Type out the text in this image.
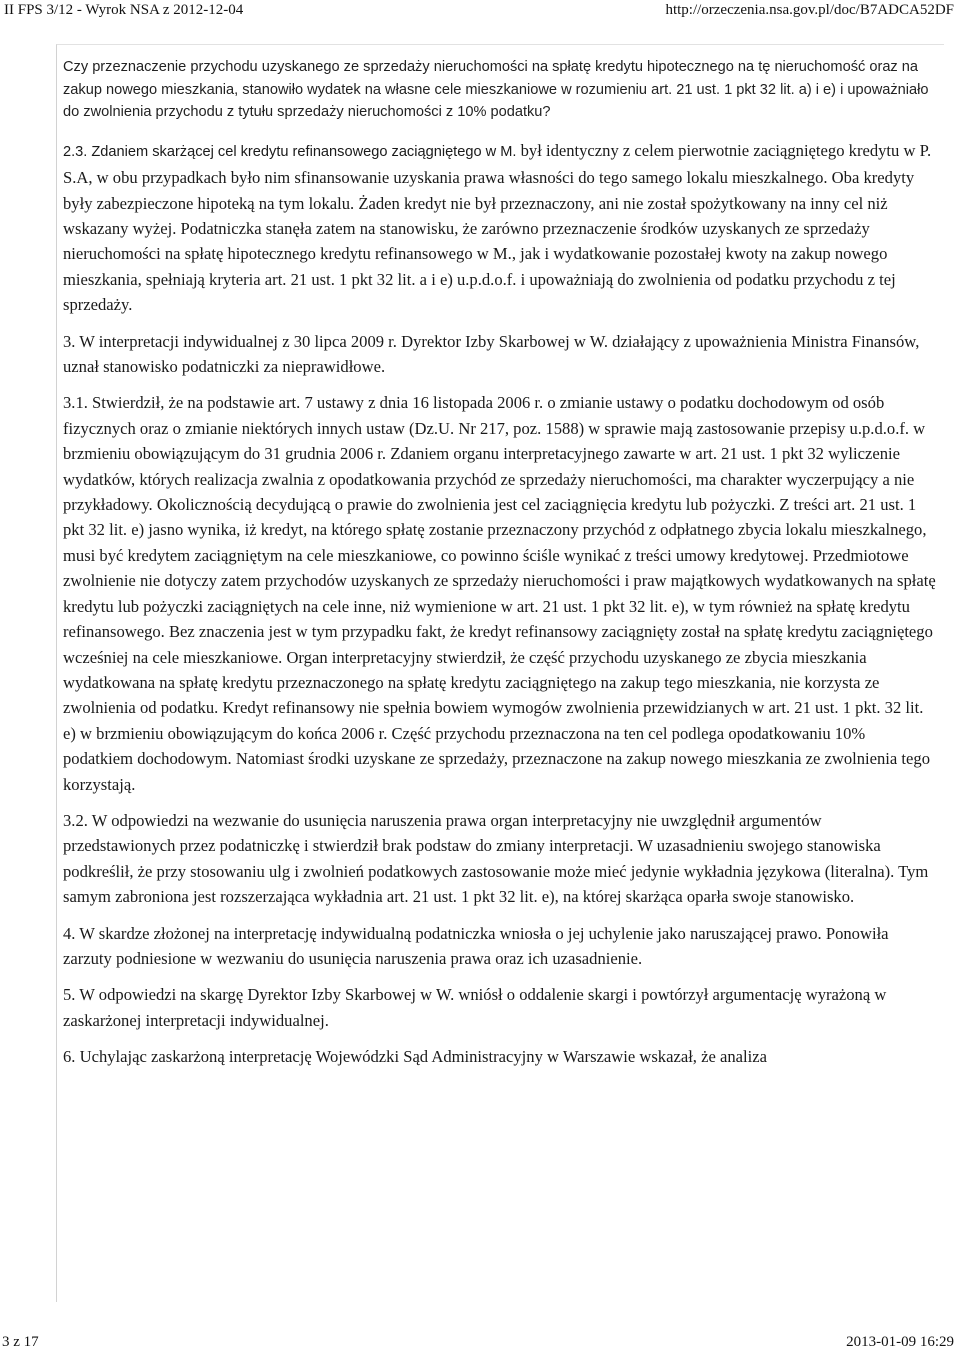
II FPS 3/12 - Wyrok NSA z 2012-12-04	http://orzeczenia.nsa.gov.pl/doc/B7ADCA52DF

Czy przeznaczenie przychodu uzyskanego ze sprzedaży nieruchomości na spłatę kredytu hipotecznego na tę nieruchomość oraz na zakup nowego mieszkania, stanowiło wydatek na własne cele mieszkaniowe w rozumieniu art. 21 ust. 1 pkt 32 lit. a) i e) i upoważniało do zwolnienia przychodu z tytułu sprzedaży nieruchomości z 10% podatku?

2.3. Zdaniem skarżącej cel kredytu refinansowego zaciągniętego w M. był identyczny z celem pierwotnie zaciągniętego kredytu w P. S.A, w obu przypadkach było nim sfinansowanie uzyskania prawa własności do tego samego lokalu mieszkalnego. Oba kredyty były zabezpieczone hipoteką na tym lokalu. Żaden kredyt nie był przeznaczony, ani nie został spożytkowany na inny cel niż wskazany wyżej. Podatniczka stanęła zatem na stanowisku, że zarówno przeznaczenie środków uzyskanych ze sprzedaży nieruchomości na spłatę hipotecznego kredytu refinansowego w M., jak i wydatkowanie pozostałej kwoty na zakup nowego mieszkania, spełniają kryteria art. 21 ust. 1 pkt 32 lit. a i e) u.p.d.o.f. i upoważniają do zwolnienia od podatku przychodu z tej sprzedaży.

3. W interpretacji indywidualnej z 30 lipca 2009 r. Dyrektor Izby Skarbowej w W. działający z upoważnienia Ministra Finansów, uznał stanowisko podatniczki za nieprawidłowe.

3.1. Stwierdził, że na podstawie art. 7 ustawy z dnia 16 listopada 2006 r. o zmianie ustawy o podatku dochodowym od osób fizycznych oraz o zmianie niektórych innych ustaw (Dz.U. Nr 217, poz. 1588) w sprawie mają zastosowanie przepisy u.p.d.o.f. w brzmieniu obowiązującym do 31 grudnia 2006 r. Zdaniem organu interpretacyjnego zawarte w art. 21 ust. 1 pkt 32 wyliczenie wydatków, których realizacja zwalnia z opodatkowania przychód ze sprzedaży nieruchomości, ma charakter wyczerpujący a nie przykładowy. Okolicznością decydującą o prawie do zwolnienia jest cel zaciągnięcia kredytu lub pożyczki. Z treści art. 21 ust. 1 pkt 32 lit. e) jasno wynika, iż kredyt, na którego spłatę zostanie przeznaczony przychód z odpłatnego zbycia lokalu mieszkalnego, musi być kredytem zaciągniętym na cele mieszkaniowe, co powinno ściśle wynikać z treści umowy kredytowej. Przedmiotowe zwolnienie nie dotyczy zatem przychodów uzyskanych ze sprzedaży nieruchomości i praw majątkowych wydatkowanych na spłatę kredytu lub pożyczki zaciągniętych na cele inne, niż wymienione w art. 21 ust. 1 pkt 32 lit. e), w tym również na spłatę kredytu refinansowego. Bez znaczenia jest w tym przypadku fakt, że kredyt refinansowy zaciągnięty został na spłatę kredytu zaciągniętego wcześniej na cele mieszkaniowe. Organ interpretacyjny stwierdził, że część przychodu uzyskanego ze zbycia mieszkania wydatkowana na spłatę kredytu przeznaczonego na spłatę kredytu zaciągniętego na zakup tego mieszkania, nie korzysta ze zwolnienia od podatku. Kredyt refinansowy nie spełnia bowiem wymogów zwolnienia przewidzianych w art. 21 ust. 1 pkt. 32 lit. e) w brzmieniu obowiązującym do końca 2006 r. Część przychodu przeznaczona na ten cel podlega opodatkowaniu 10% podatkiem dochodowym. Natomiast środki uzyskane ze sprzedaży, przeznaczone na zakup nowego mieszkania ze zwolnienia tego korzystają.

3.2. W odpowiedzi na wezwanie do usunięcia naruszenia prawa organ interpretacyjny nie uwzględnił argumentów przedstawionych przez podatniczkę i stwierdził brak podstaw do zmiany interpretacji. W uzasadnieniu swojego stanowiska podkreślił, że przy stosowaniu ulg i zwolnień podatkowych zastosowanie może mieć jedynie wykładnia językowa (literalna). Tym samym zabroniona jest rozszerzająca wykładnia art. 21 ust. 1 pkt 32 lit. e), na której skarżąca oparła swoje stanowisko.

4. W skardze złożonej na interpretację indywidualną podatniczka wniosła o jej uchylenie jako naruszającej prawo. Ponowiła zarzuty podniesione w wezwaniu do usunięcia naruszenia prawa oraz ich uzasadnienie.

5. W odpowiedzi na skargę Dyrektor Izby Skarbowej w W. wniósł o oddalenie skargi i powtórzył argumentację wyrażoną w zaskarżonej interpretacji indywidualnej.

6. Uchylając zaskarżoną interpretację Wojewódzki Sąd Administracyjny w Warszawie wskazał, że analiza

3 z 17	2013-01-09 16:29
